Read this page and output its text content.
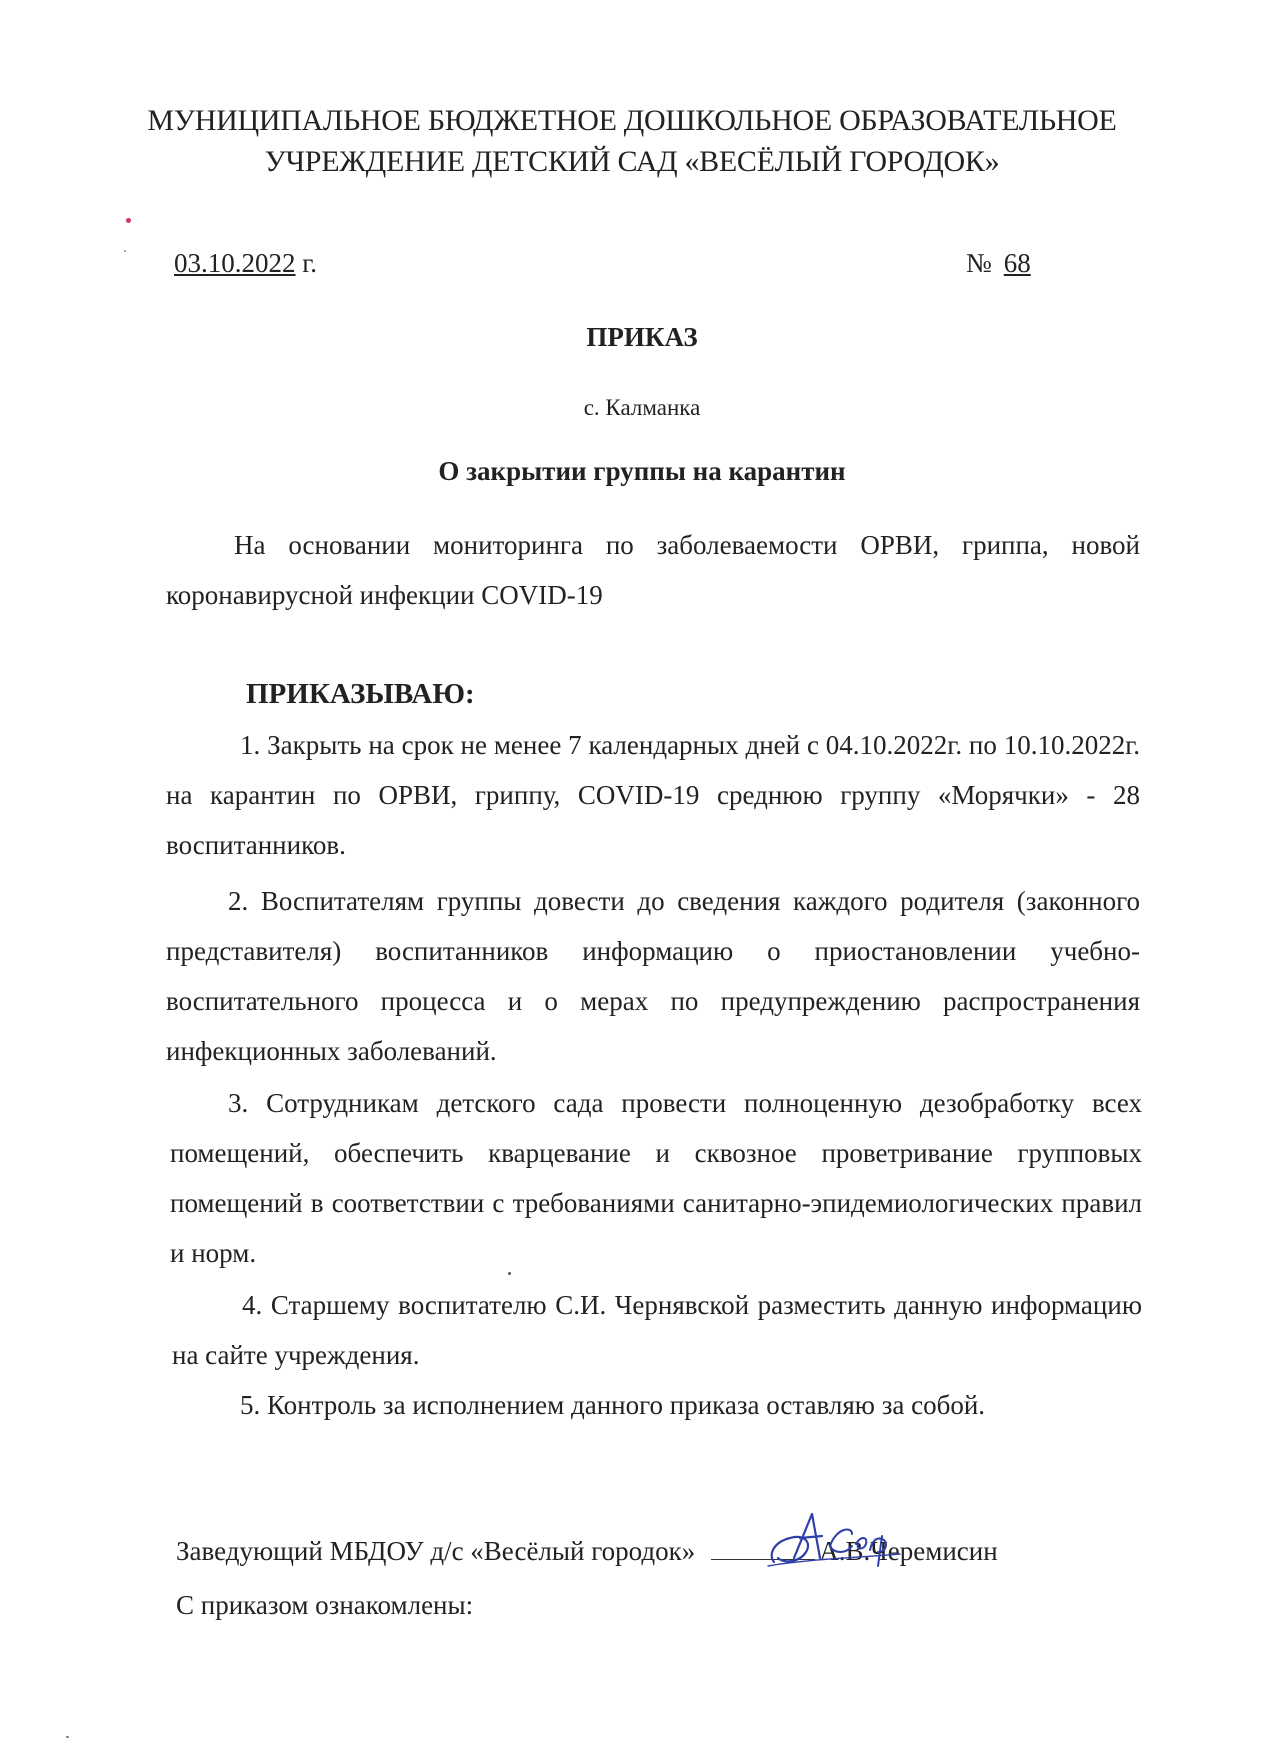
МУНИЦИПАЛЬНОЕ БЮДЖЕТНОЕ ДОШКОЛЬНОЕ ОБРАЗОВАТЕЛЬНОЕ
УЧРЕЖДЕНИЕ ДЕТСКИЙ САД «ВЕСЁЛЫЙ ГОРОДОК»
03.10.2022 г.	№ 68
ПРИКАЗ
с. Калманка
О закрытии группы на карантин
На основании мониторинга по заболеваемости ОРВИ, гриппа, новой коронавирусной инфекции COVID-19
ПРИКАЗЫВАЮ:
1. Закрыть на срок не менее 7 календарных дней с 04.10.2022г. по 10.10.2022г. на карантин по ОРВИ, гриппу, COVID-19 среднюю группу «Морячки» - 28 воспитанников.
2. Воспитателям группы довести до сведения каждого родителя (законного представителя) воспитанников информацию о приостановлении учебно-воспитательного процесса и о мерах по предупреждению распространения инфекционных заболеваний.
3. Сотрудникам детского сада провести полноценную дезобработку всех помещений, обеспечить кварцевание и сквозное проветривание групповых помещений в соответствии с требованиями санитарно-эпидемиологических правил и норм.
4. Старшему воспитателю С.И. Чернявской разместить данную информацию на сайте учреждения.
5. Контроль за исполнением данного приказа оставляю за собой.
Заведующий МБДОУ д/с «Весёлый городок»	А.В.Черемисин
С приказом ознакомлены:
